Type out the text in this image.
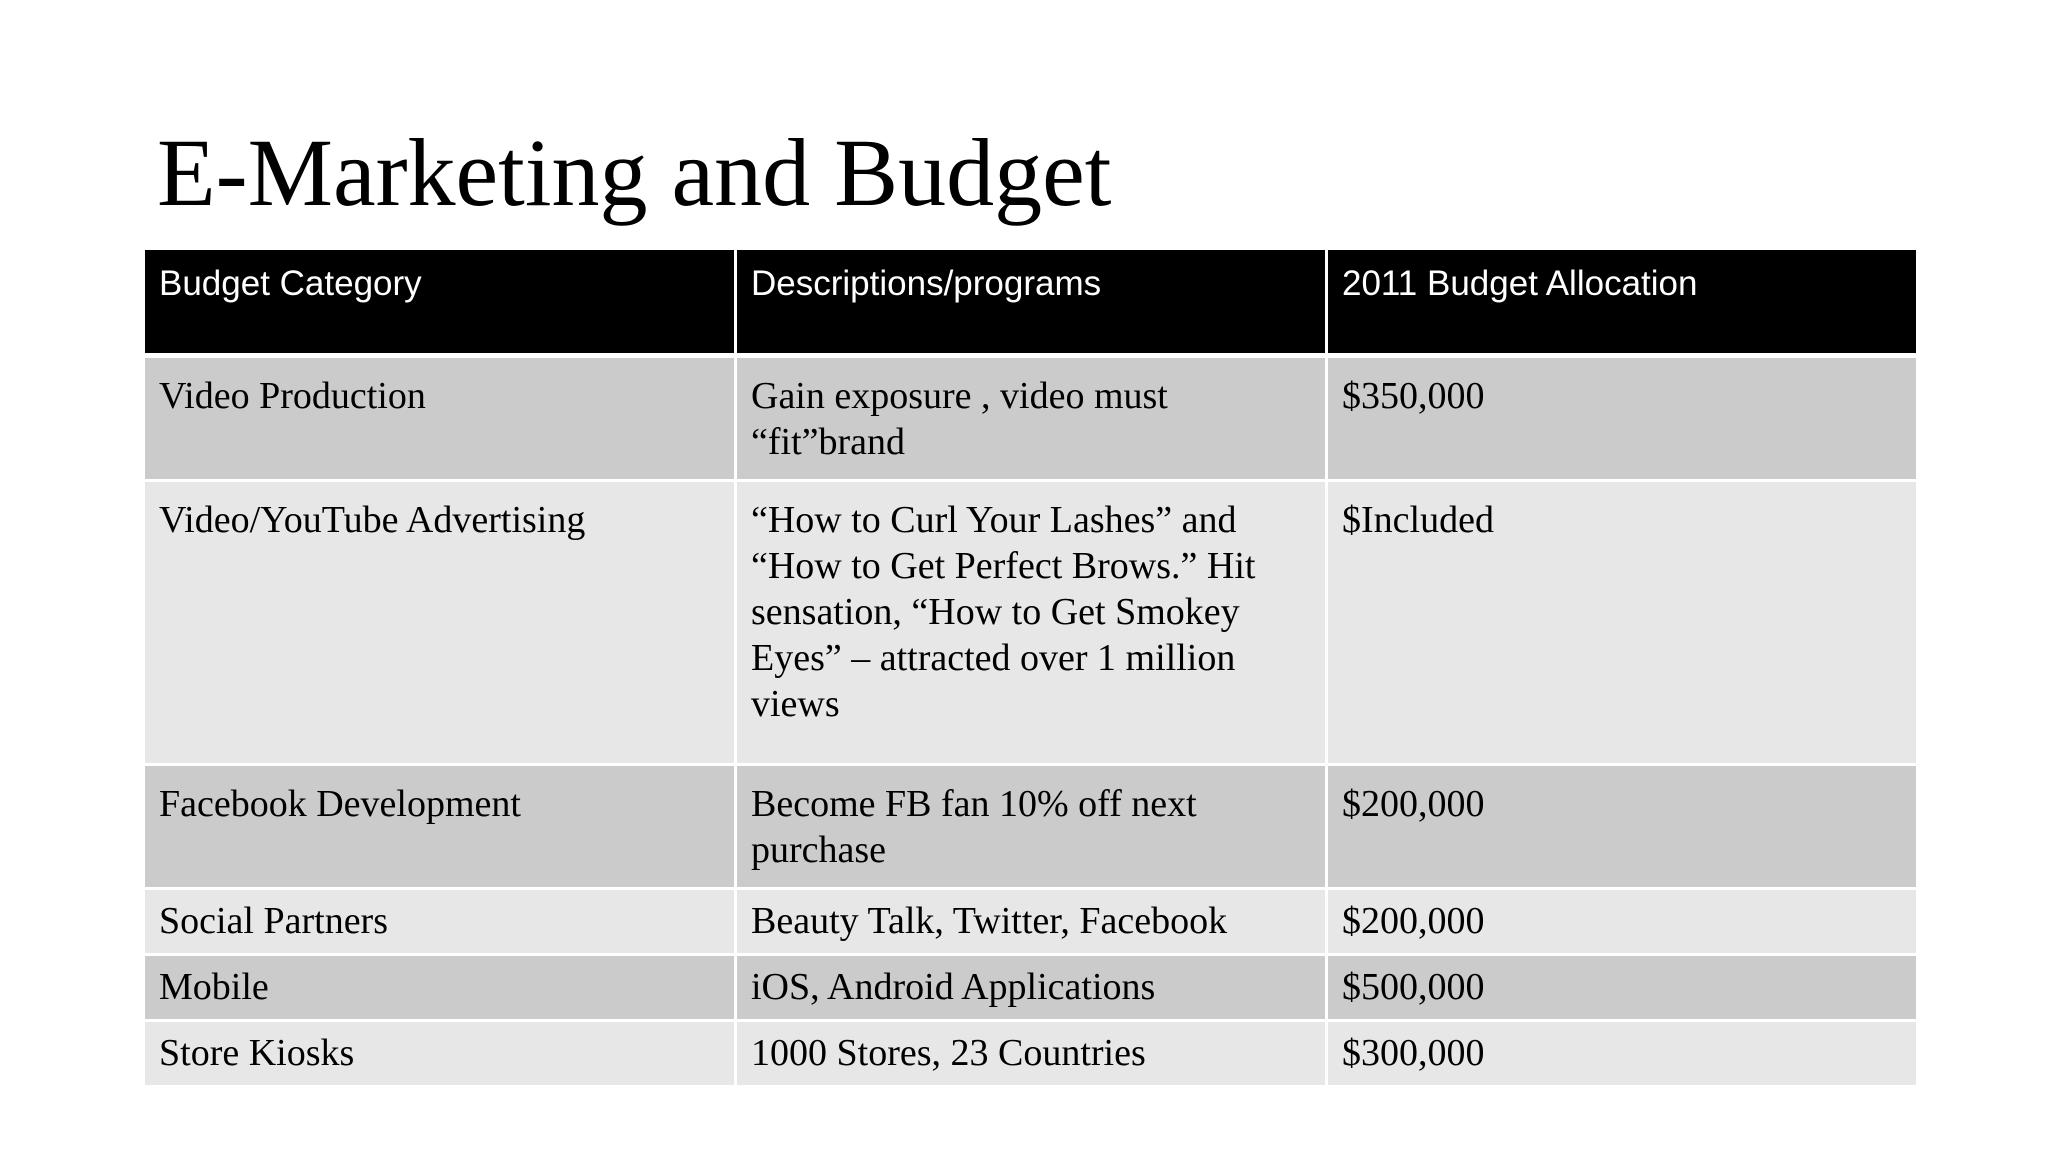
E-Marketing and Budget
Budget Category	Descriptions/programs	2011 Budget Allocation
Video Production	Gain exposure , video must “fit”brand	$350,000
Video/YouTube Advertising	“How to Curl Your Lashes” and “How to Get Perfect Brows.” Hit sensation, “How to Get Smokey Eyes” – attracted over 1 million views	$Included
Facebook Development	Become FB fan 10% off next purchase	$200,000
Social Partners	Beauty Talk, Twitter, Facebook	$200,000
Mobile	iOS, Android Applications	$500,000
Store Kiosks	1000 Stores, 23 Countries	$300,000
